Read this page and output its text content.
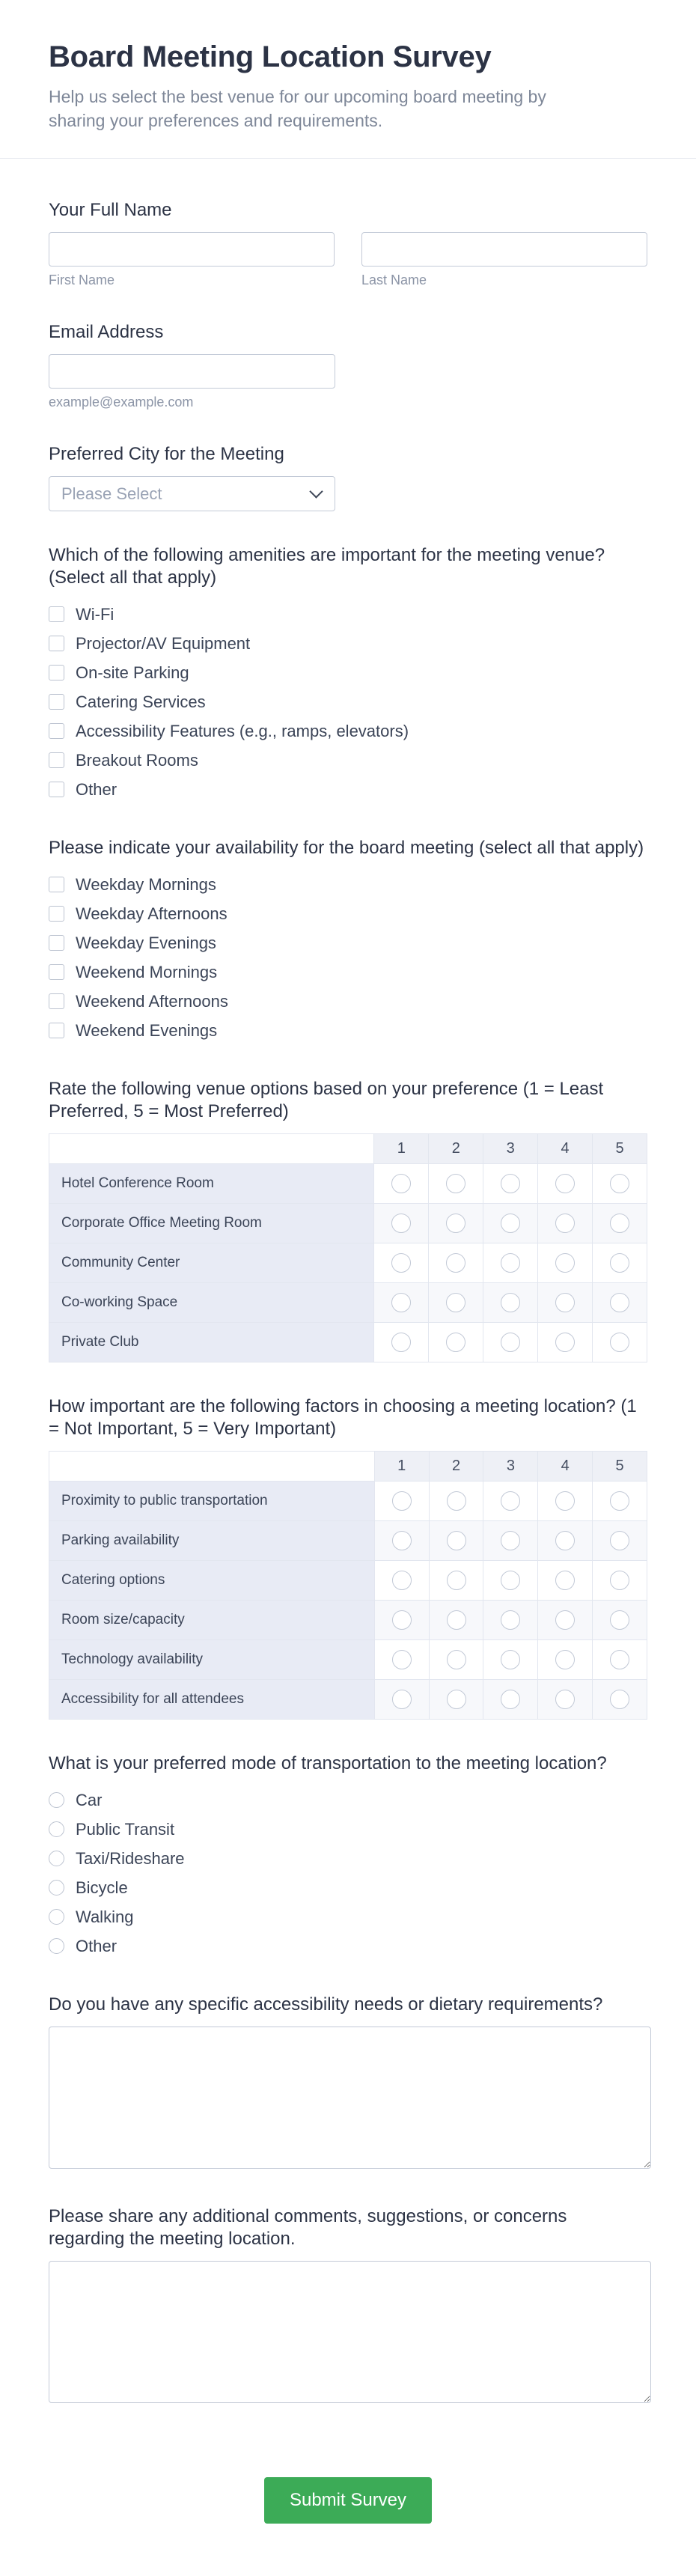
Board Meeting Location Survey
Help us select the best venue for our upcoming board meeting by sharing your preferences and requirements.
Your Full Name
First Name	Last Name
Email Address
example@example.com
Preferred City for the Meeting
Please Select
Which of the following amenities are important for the meeting venue? (Select all that apply)
Wi-Fi
Projector/AV Equipment
On-site Parking
Catering Services
Accessibility Features (e.g., ramps, elevators)
Breakout Rooms
Other
Please indicate your availability for the board meeting (select all that apply)
Weekday Mornings
Weekday Afternoons
Weekday Evenings
Weekend Mornings
Weekend Afternoons
Weekend Evenings
Rate the following venue options based on your preference (1 = Least Preferred, 5 = Most Preferred)
	1	2	3	4	5
Hotel Conference Room					
Corporate Office Meeting Room					
Community Center					
Co-working Space					
Private Club					
How important are the following factors in choosing a meeting location? (1 = Not Important, 5 = Very Important)
	1	2	3	4	5
Proximity to public transportation					
Parking availability					
Catering options					
Room size/capacity					
Technology availability					
Accessibility for all attendees					
What is your preferred mode of transportation to the meeting location?
Car
Public Transit
Taxi/Rideshare
Bicycle
Walking
Other
Do you have any specific accessibility needs or dietary requirements?
Please share any additional comments, suggestions, or concerns regarding the meeting location.
Submit Survey
